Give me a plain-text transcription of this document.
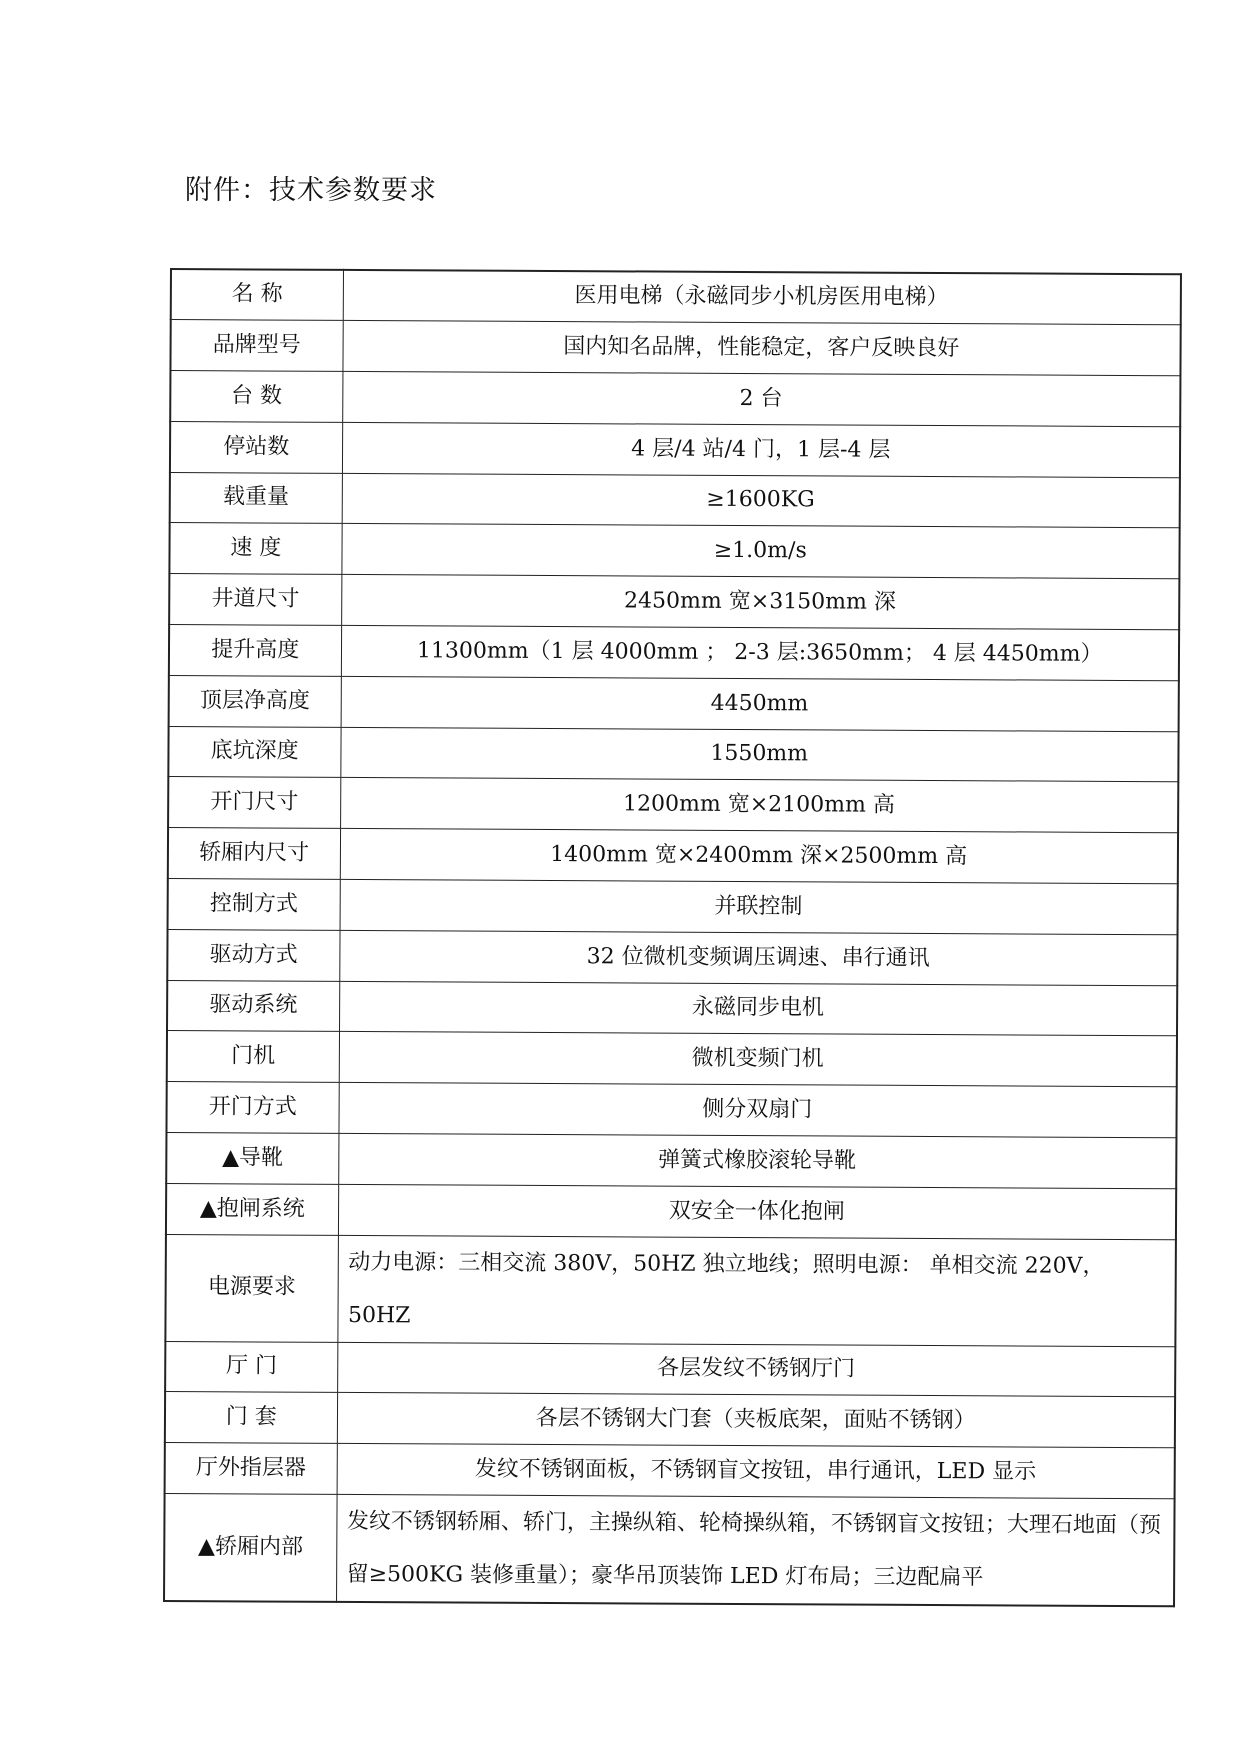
附件：技术参数要求
名 称	医用电梯（永磁同步小机房医用电梯）
品牌型号	国内知名品牌，性能稳定，客户反映良好
台 数	2 台
停站数	4 层/4 站/4 门，1 层-4 层
载重量	≥1600KG
速 度	≥1.0m/s
井道尺寸	2450mm 宽×3150mm 深
提升高度	11300mm（1 层 4000mm ； 2-3 层:3650mm； 4 层 4450mm）
顶层净高度	4450mm
底坑深度	1550mm
开门尺寸	1200mm 宽×2100mm 高
轿厢内尺寸	1400mm 宽×2400mm 深×2500mm 高
控制方式	并联控制
驱动方式	32 位微机变频调压调速、串行通讯
驱动系统	永磁同步电机
门机	微机变频门机
开门方式	侧分双扇门
▲导靴	弹簧式橡胶滚轮导靴
▲抱闸系统	双安全一体化抱闸
电源要求	动力电源：三相交流 380V，50HZ 独立地线；照明电源： 单相交流 220V，50HZ
厅 门	各层发纹不锈钢厅门
门 套	各层不锈钢大门套（夹板底架，面贴不锈钢）
厅外指层器	发纹不锈钢面板，不锈钢盲文按钮，串行通讯，LED 显示
▲轿厢内部	发纹不锈钢轿厢、轿门，主操纵箱、轮椅操纵箱，不锈钢盲文按钮；大理石地面（预留≥500KG 装修重量）；豪华吊顶装饰 LED 灯布局；三边配扁平
